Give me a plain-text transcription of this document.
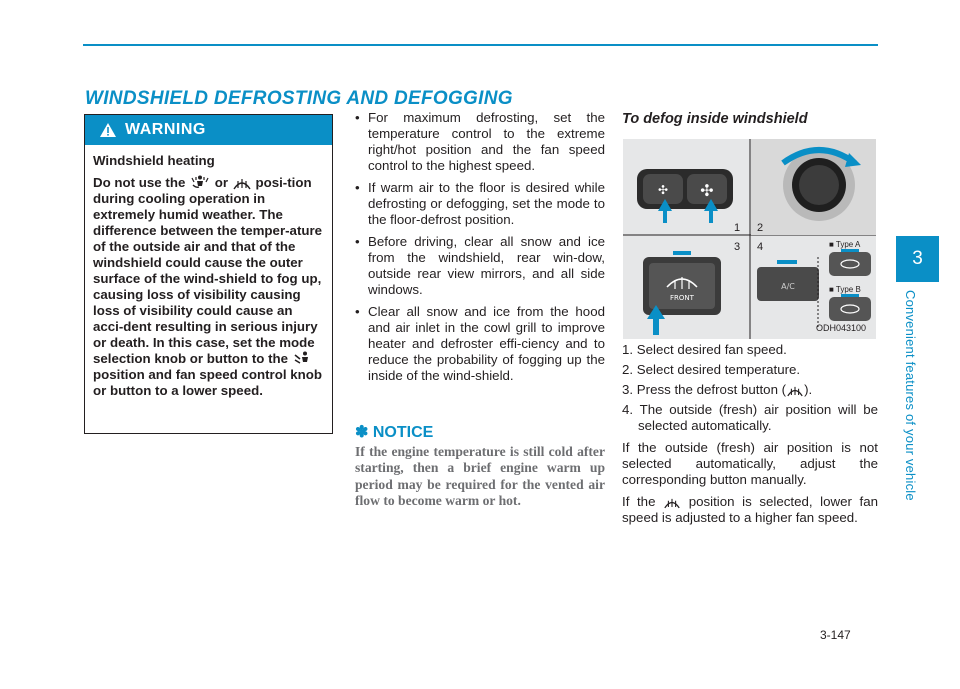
WINDSHIELD DEFROSTING AND DEFOGGING
WARNING

Windshield heating

Do not use the or posi-tion during cooling operation in extremely humid weather. The difference between the temper-ature of the outside air and that of the windshield could cause the outer surface of the wind-shield to fog up, causing loss of visibility causing loss of visibility could cause an acci-dent resulting in serious injury or death. In this case, set the mode selection knob or button to the  position and fan speed control knob or button to a lower speed.

• For maximum defrosting, set the temperature control to the extreme right/hot position and the fan speed control to the highest speed.
• If warm air to the floor is desired while defrosting or defogging, set the mode to the floor-defrost position.
• Before driving, clear all snow and ice from the windshield, rear win-dow, outside rear view mirrors, and all side windows.
• Clear all snow and ice from the hood and air inlet in the cowl grill to improve heater and defroster effi-ciency and to reduce the probability of fogging up the inside of the wind-shield.
✽ NOTICE
If the engine temperature is still cold after starting, then a brief engine warm up period may be required for the vented air flow to become warm or hot.
To defog inside windshield
✣ ✣
FRONT
A/C
■ Type A
■ Type B
1 2
3 4
ODH043100
1. Select desired fan speed.
2. Select desired temperature.
3. Press the defrost button ( ).
4. The outside (fresh) air position will be selected automatically.

If the outside (fresh) air position is not selected automatically, adjust the corresponding button manually.

If the position is selected, lower fan speed is adjusted to a higher fan speed.

3
Convenient features of your vehicle
3-147
